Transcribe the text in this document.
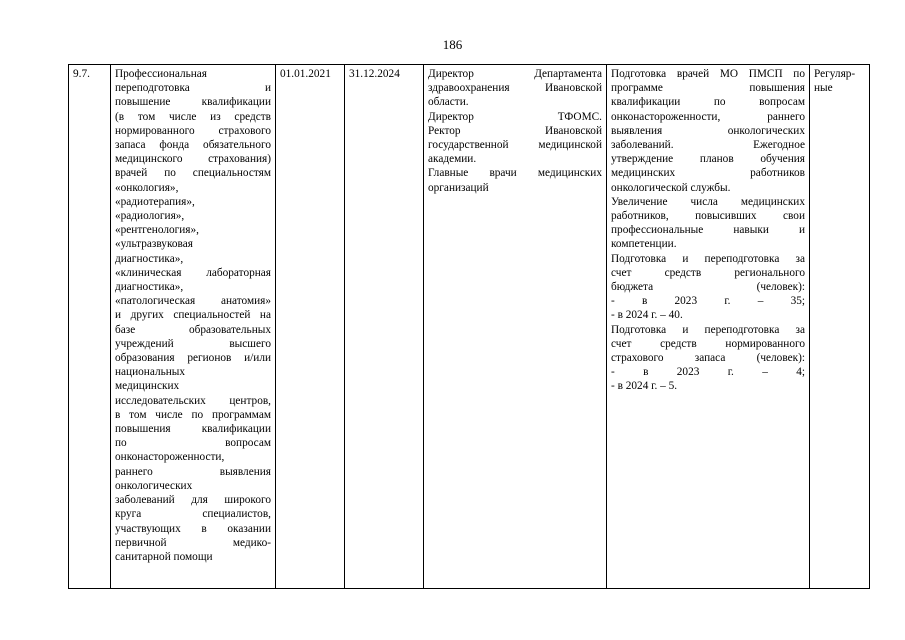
186
9.7.	Профессиональная
переподготовка и
повышение квалификации
(в том числе из средств
нормированного страхового
запаса фонда обязательного
медицинского страхования)
врачей по специальностям
«онкология»,
«радиотерапия»,
«радиология»,
«рентгенология»,
«ультразвуковая
диагностика»,
«клиническая лабораторная
диагностика»,
«патологическая анатомия»
и других специальностей на
базе образовательных
учреждений высшего
образования регионов и/или
национальных
медицинских
исследовательских центров,
в том числе по программам
повышения квалификации
по вопросам
онконастороженности,
раннего выявления
онкологических
заболеваний для широкого
круга специалистов,
участвующих в оказании
первичной медико-
санитарной помощи
	01.01.2021	31.12.2024	Директор Департамента
здравоохранения Ивановской
области.
Директор ТФОМС.
Ректор Ивановской
государственной медицинской
академии.
Главные врачи медицинских
организаций

Подготовка врачей МО ПМСП по
программе повышения
квалификации по вопросам
онконастороженности, раннего
выявления онкологических
заболеваний. Ежегодное
утверждение планов обучения
медицинских работников
онкологической службы.
Увеличение числа медицинских
работников, повысивших свои
профессиональные навыки и
компетенции.
Подготовка и переподготовка за
счет средств регионального
бюджета (человек):
- в 2023 г. – 35;
- в 2024 г. – 40.
Подготовка и переподготовка за
счет средств нормированного
страхового запаса (человек):
- в 2023 г. – 4;
- в 2024 г. – 5.

Регуляр-
ные
